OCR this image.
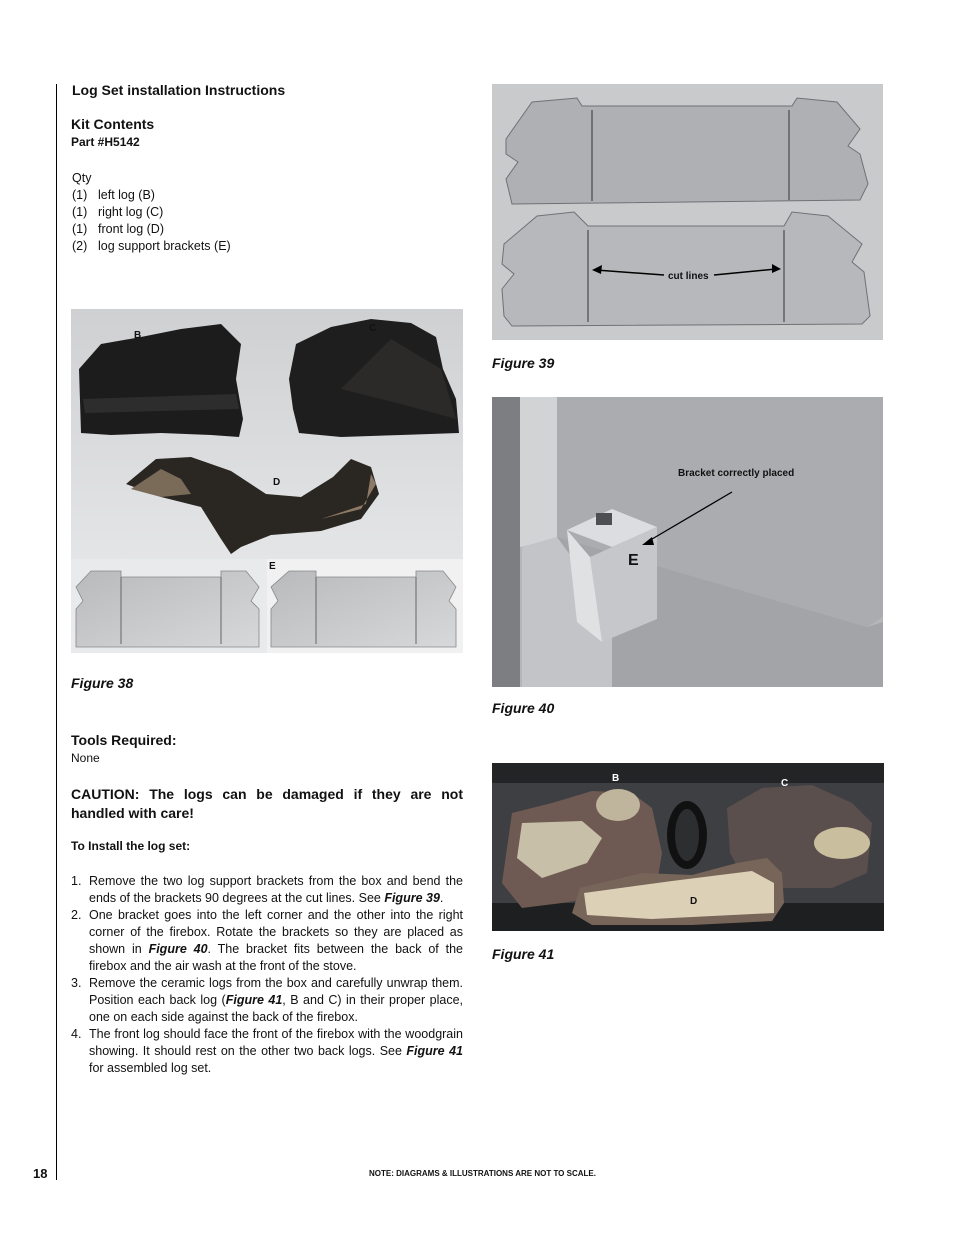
Log Set installation Instructions
Kit Contents
Part #H5142
Qty
(1) left log (B)
(1) right log (C)
(1) front log (D)
(2) log support brackets (E)
B
C
D
E
Figure 38
Tools Required:
None
CAUTION: The logs can be damaged if they are not handled with care!
To Install the log set:
1. Remove the two log support brackets from the box and bend the ends of the brackets 90 degrees at the cut lines. See Figure 39.
2. One bracket goes into the left corner and the other into the right corner of the firebox. Rotate the brackets so they are placed as shown in Figure 40. The bracket fits between the back of the firebox and the air wash at the front of the stove.
3. Remove the ceramic logs from the box and carefully unwrap them. Position each back log (Figure 41, B and C) in their proper place, one on each side against the back of the firebox.
4. The front log should face the front of the firebox with the woodgrain showing. It should rest on the other two back logs. See Figure 41 for assembled log set.
cut lines
Figure 39
Bracket correctly placed
E
Figure 40
B	C
D
Figure 41
18	NOTE: DIAGRAMS & ILLUSTRATIONS ARE NOT TO SCALE.
